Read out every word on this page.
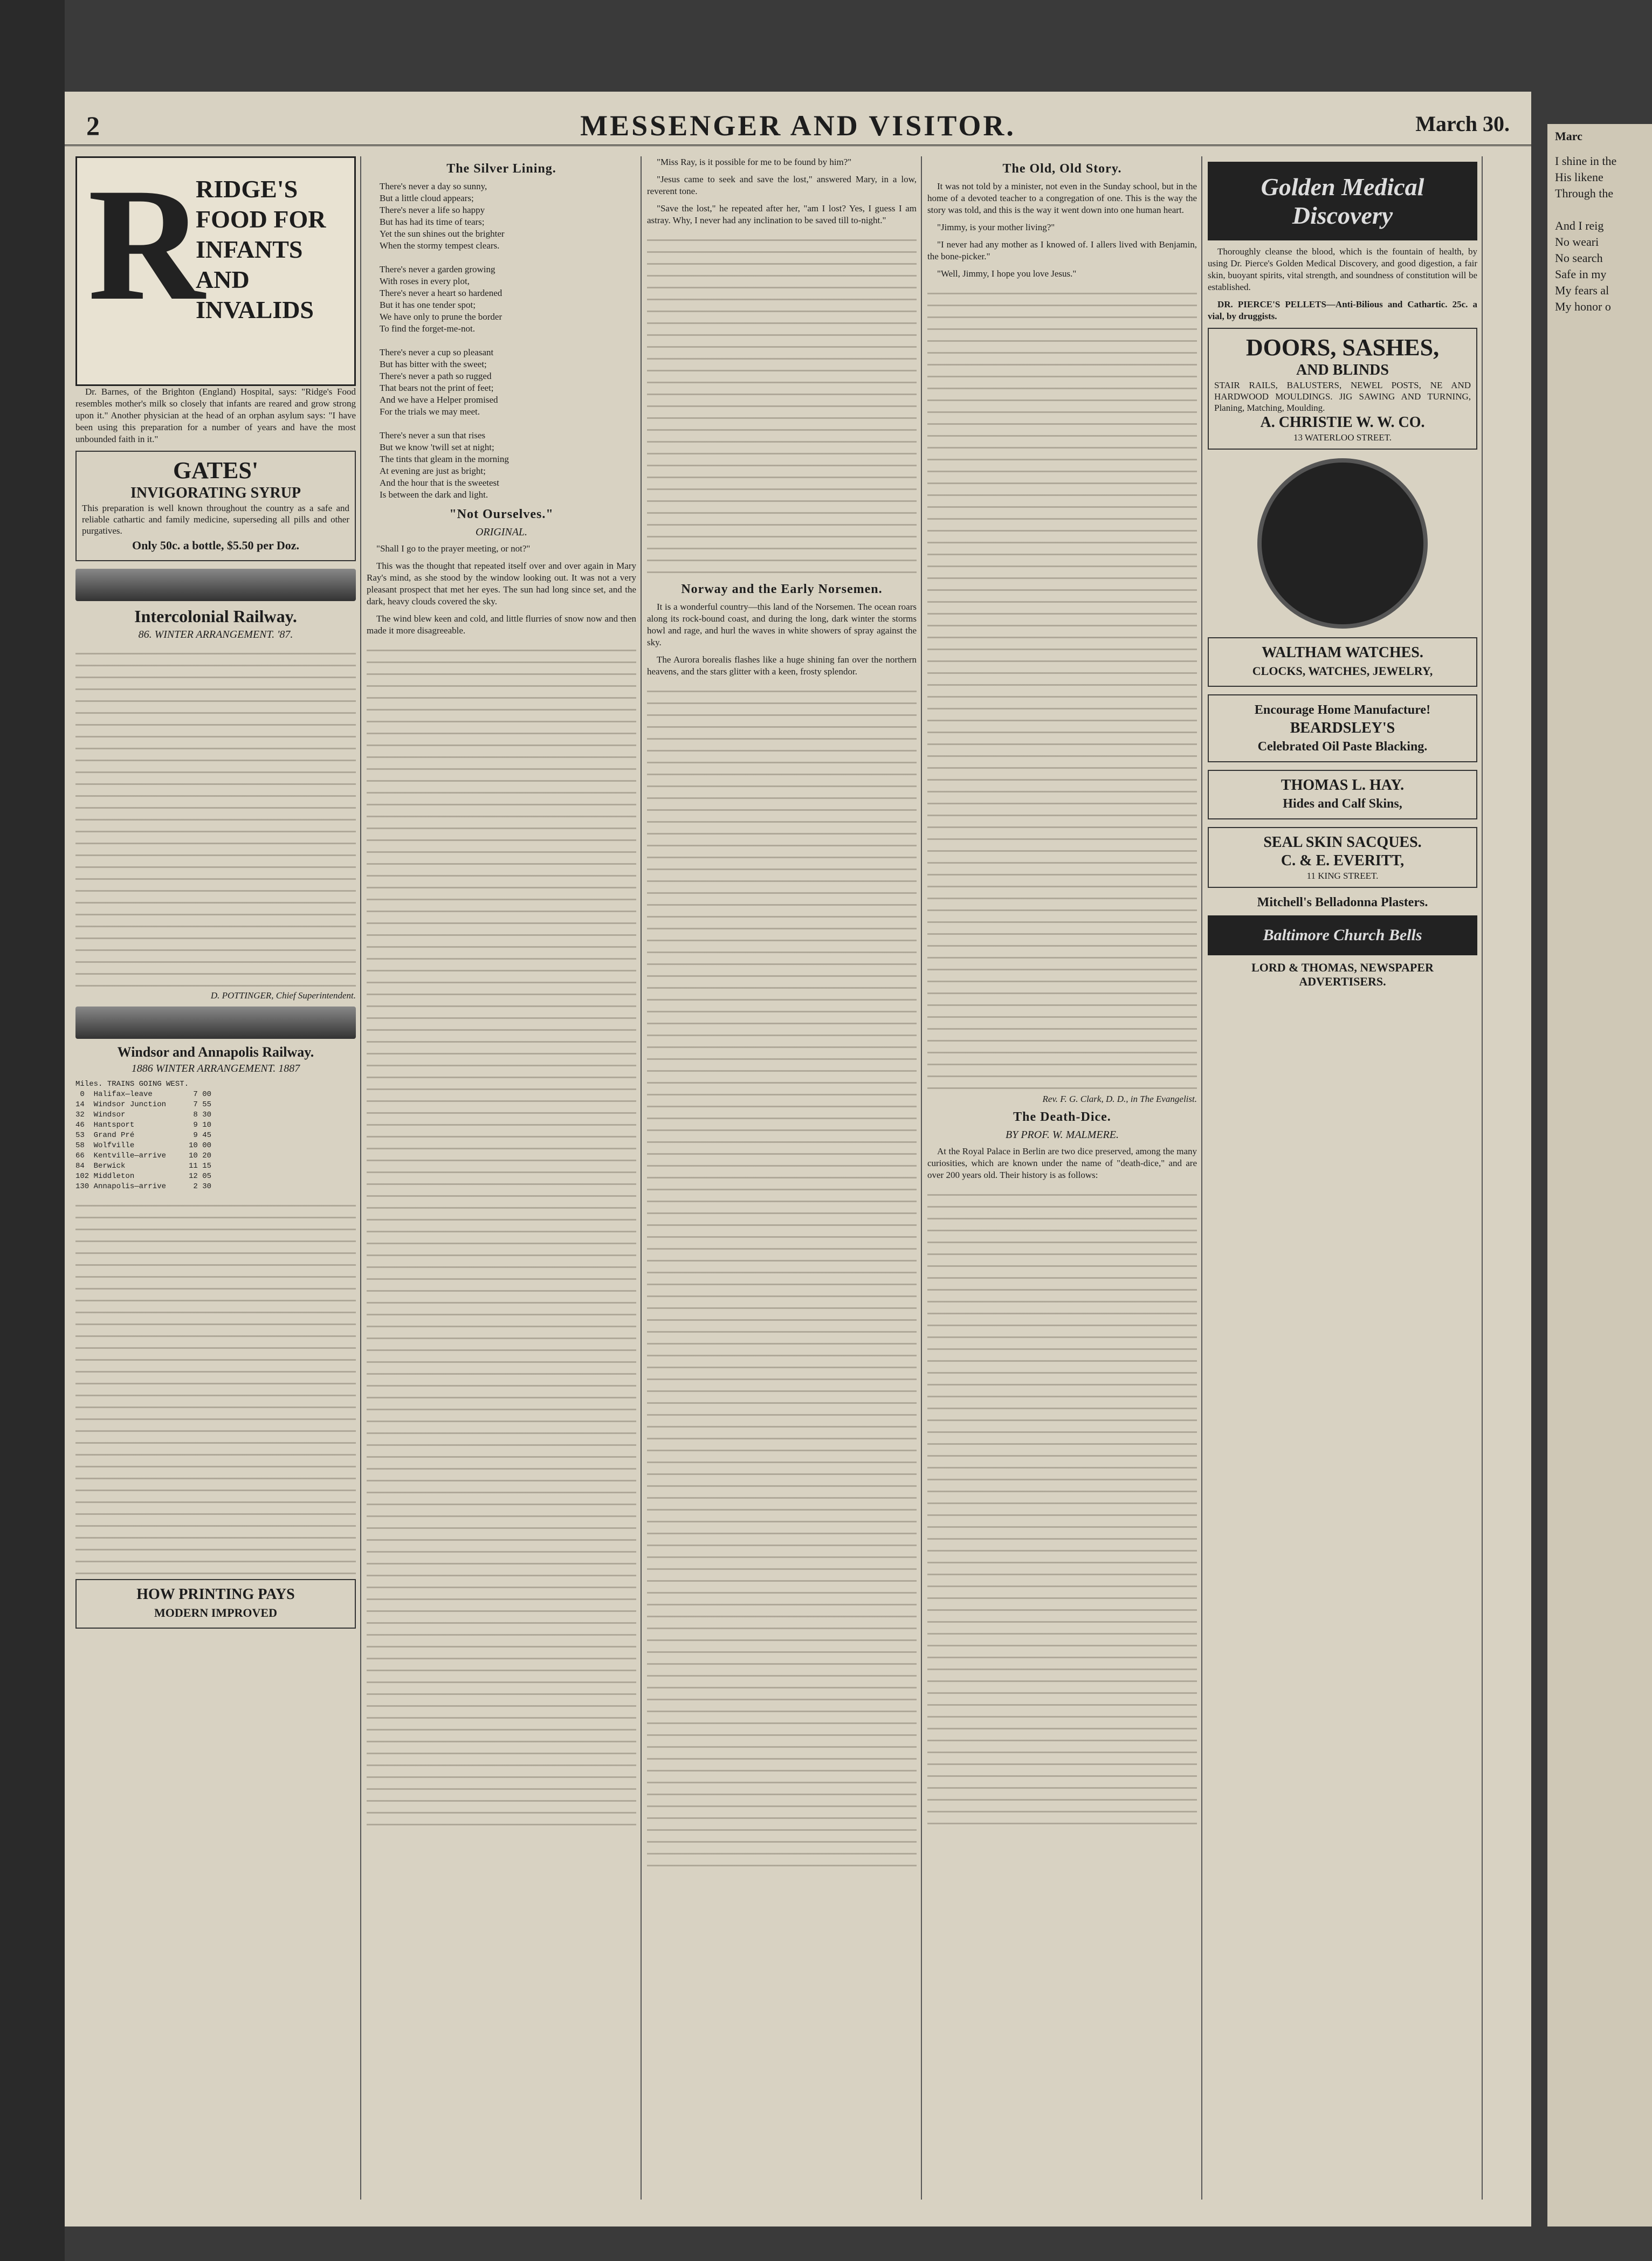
2	MESSENGER AND VISITOR.	March 30.
R
RIDGE'S FOOD FOR INFANTS AND INVALIDS

Dr. Barnes, of the Brighton (England) Hospital, says: "Ridge's Food resembles mother's milk so closely that infants are reared and grow strong upon it." Another physician at the head of an orphan asylum says: "I have been using this preparation for a number of years and have the most unbounded faith in it."

GATES'
INVIGORATING SYRUP
This preparation is well known throughout the country as a safe and reliable cathartic and family medicine, superseding all pills and other purgatives.
Only 50c. a bottle, $5.50 per Doz.
Intercolonial Railway.
86. WINTER ARRANGEMENT. '87.
D. POTTINGER, Chief Superintendent.
Windsor and Annapolis Railway.
1886 WINTER ARRANGEMENT. 1887
Miles. TRAINS GOING WEST.
0  Halifax—leave         7 00
14  Windsor Junction      7 55
32  Windsor               8 30
46  Hantsport             9 10
53  Grand Pré             9 45
58  Wolfville            10 00
66  Kentville—arrive     10 20
84  Berwick              11 15
102 Middleton            12 05
130 Annapolis—arrive      2 30
HOW PRINTING PAYS
MODERN IMPROVED
The Silver Lining.
There's never a day so sunny,
But a little cloud appears;
There's never a life so happy
But has had its time of tears;
Yet the sun shines out the brighter
When the stormy tempest clears.

There's never a garden growing
With roses in every plot,
There's never a heart so hardened
But it has one tender spot;
We have only to prune the border
To find the forget-me-not.

There's never a cup so pleasant
But has bitter with the sweet;
There's never a path so rugged
That bears not the print of feet;
And we have a Helper promised
For the trials we may meet.

There's never a sun that rises
But we know 'twill set at night;
The tints that gleam in the morning
At evening are just as bright;
And the hour that is the sweetest
Is between the dark and light.
"Not Ourselves."
ORIGINAL.

"Shall I go to the prayer meeting, or not?"

This was the thought that repeated itself over and over again in Mary Ray's mind, as she stood by the window looking out. It was not a very pleasant prospect that met her eyes. The sun had long since set, and the dark, heavy clouds covered the sky.

The wind blew keen and cold, and little flurries of snow now and then made it more disagreeable.

"Miss Ray, is it possible for me to be found by him?"

"Jesus came to seek and save the lost," answered Mary, in a low, reverent tone.

"Save the lost," he repeated after her, "am I lost? Yes, I guess I am astray. Why, I never had any inclination to be saved till to-night."

Norway and the Early Norsemen.

It is a wonderful country—this land of the Norsemen. The ocean roars along its rock-bound coast, and during the long, dark winter the storms howl and rage, and hurl the waves in white showers of spray against the sky.

The Aurora borealis flashes like a huge shining fan over the northern heavens, and the stars glitter with a keen, frosty splendor.

The Old, Old Story.

It was not told by a minister, not even in the Sunday school, but in the home of a devoted teacher to a congregation of one. This is the way the story was told, and this is the way it went down into one human heart.

"Jimmy, is your mother living?"

"I never had any mother as I knowed of. I allers lived with Benjamin, the bone-picker."

"Well, Jimmy, I hope you love Jesus."

Rev. F. G. Clark, D. D., in The Evangelist.
The Death-Dice.
BY PROF. W. MALMERE.

At the Royal Palace in Berlin are two dice preserved, among the many curiosities, which are known under the name of "death-dice," and are over 200 years old. Their history is as follows:

Golden Medical Discovery

Thoroughly cleanse the blood, which is the fountain of health, by using Dr. Pierce's Golden Medical Discovery, and good digestion, a fair skin, buoyant spirits, vital strength, and soundness of constitution will be established.

DR. PIERCE'S PELLETS—Anti-Bilious and Cathartic. 25c. a vial, by druggists.

DOORS, SASHES,
AND BLINDS
STAIR RAILS, BALUSTERS, NEWEL POSTS, NE AND HARDWOOD MOULDINGS. JIG SAWING AND TURNING, Planing, Matching, Moulding.
A. CHRISTIE W. W. CO.
13 WATERLOO STREET.
WALTHAM WATCHES.
CLOCKS, WATCHES, JEWELRY,
Encourage Home Manufacture!
BEARDSLEY'S
Celebrated Oil Paste Blacking.
THOMAS L. HAY.
Hides and Calf Skins,
SEAL SKIN SACQUES.
C. & E. EVERITT,
11 KING STREET.
Mitchell's Belladonna Plasters.
Baltimore Church Bells
LORD & THOMAS, NEWSPAPER ADVERTISERS.
Marc
I shine in the
His likene
Through the

And I reig
No weari
No search
Safe in my
My fears al
My honor o
